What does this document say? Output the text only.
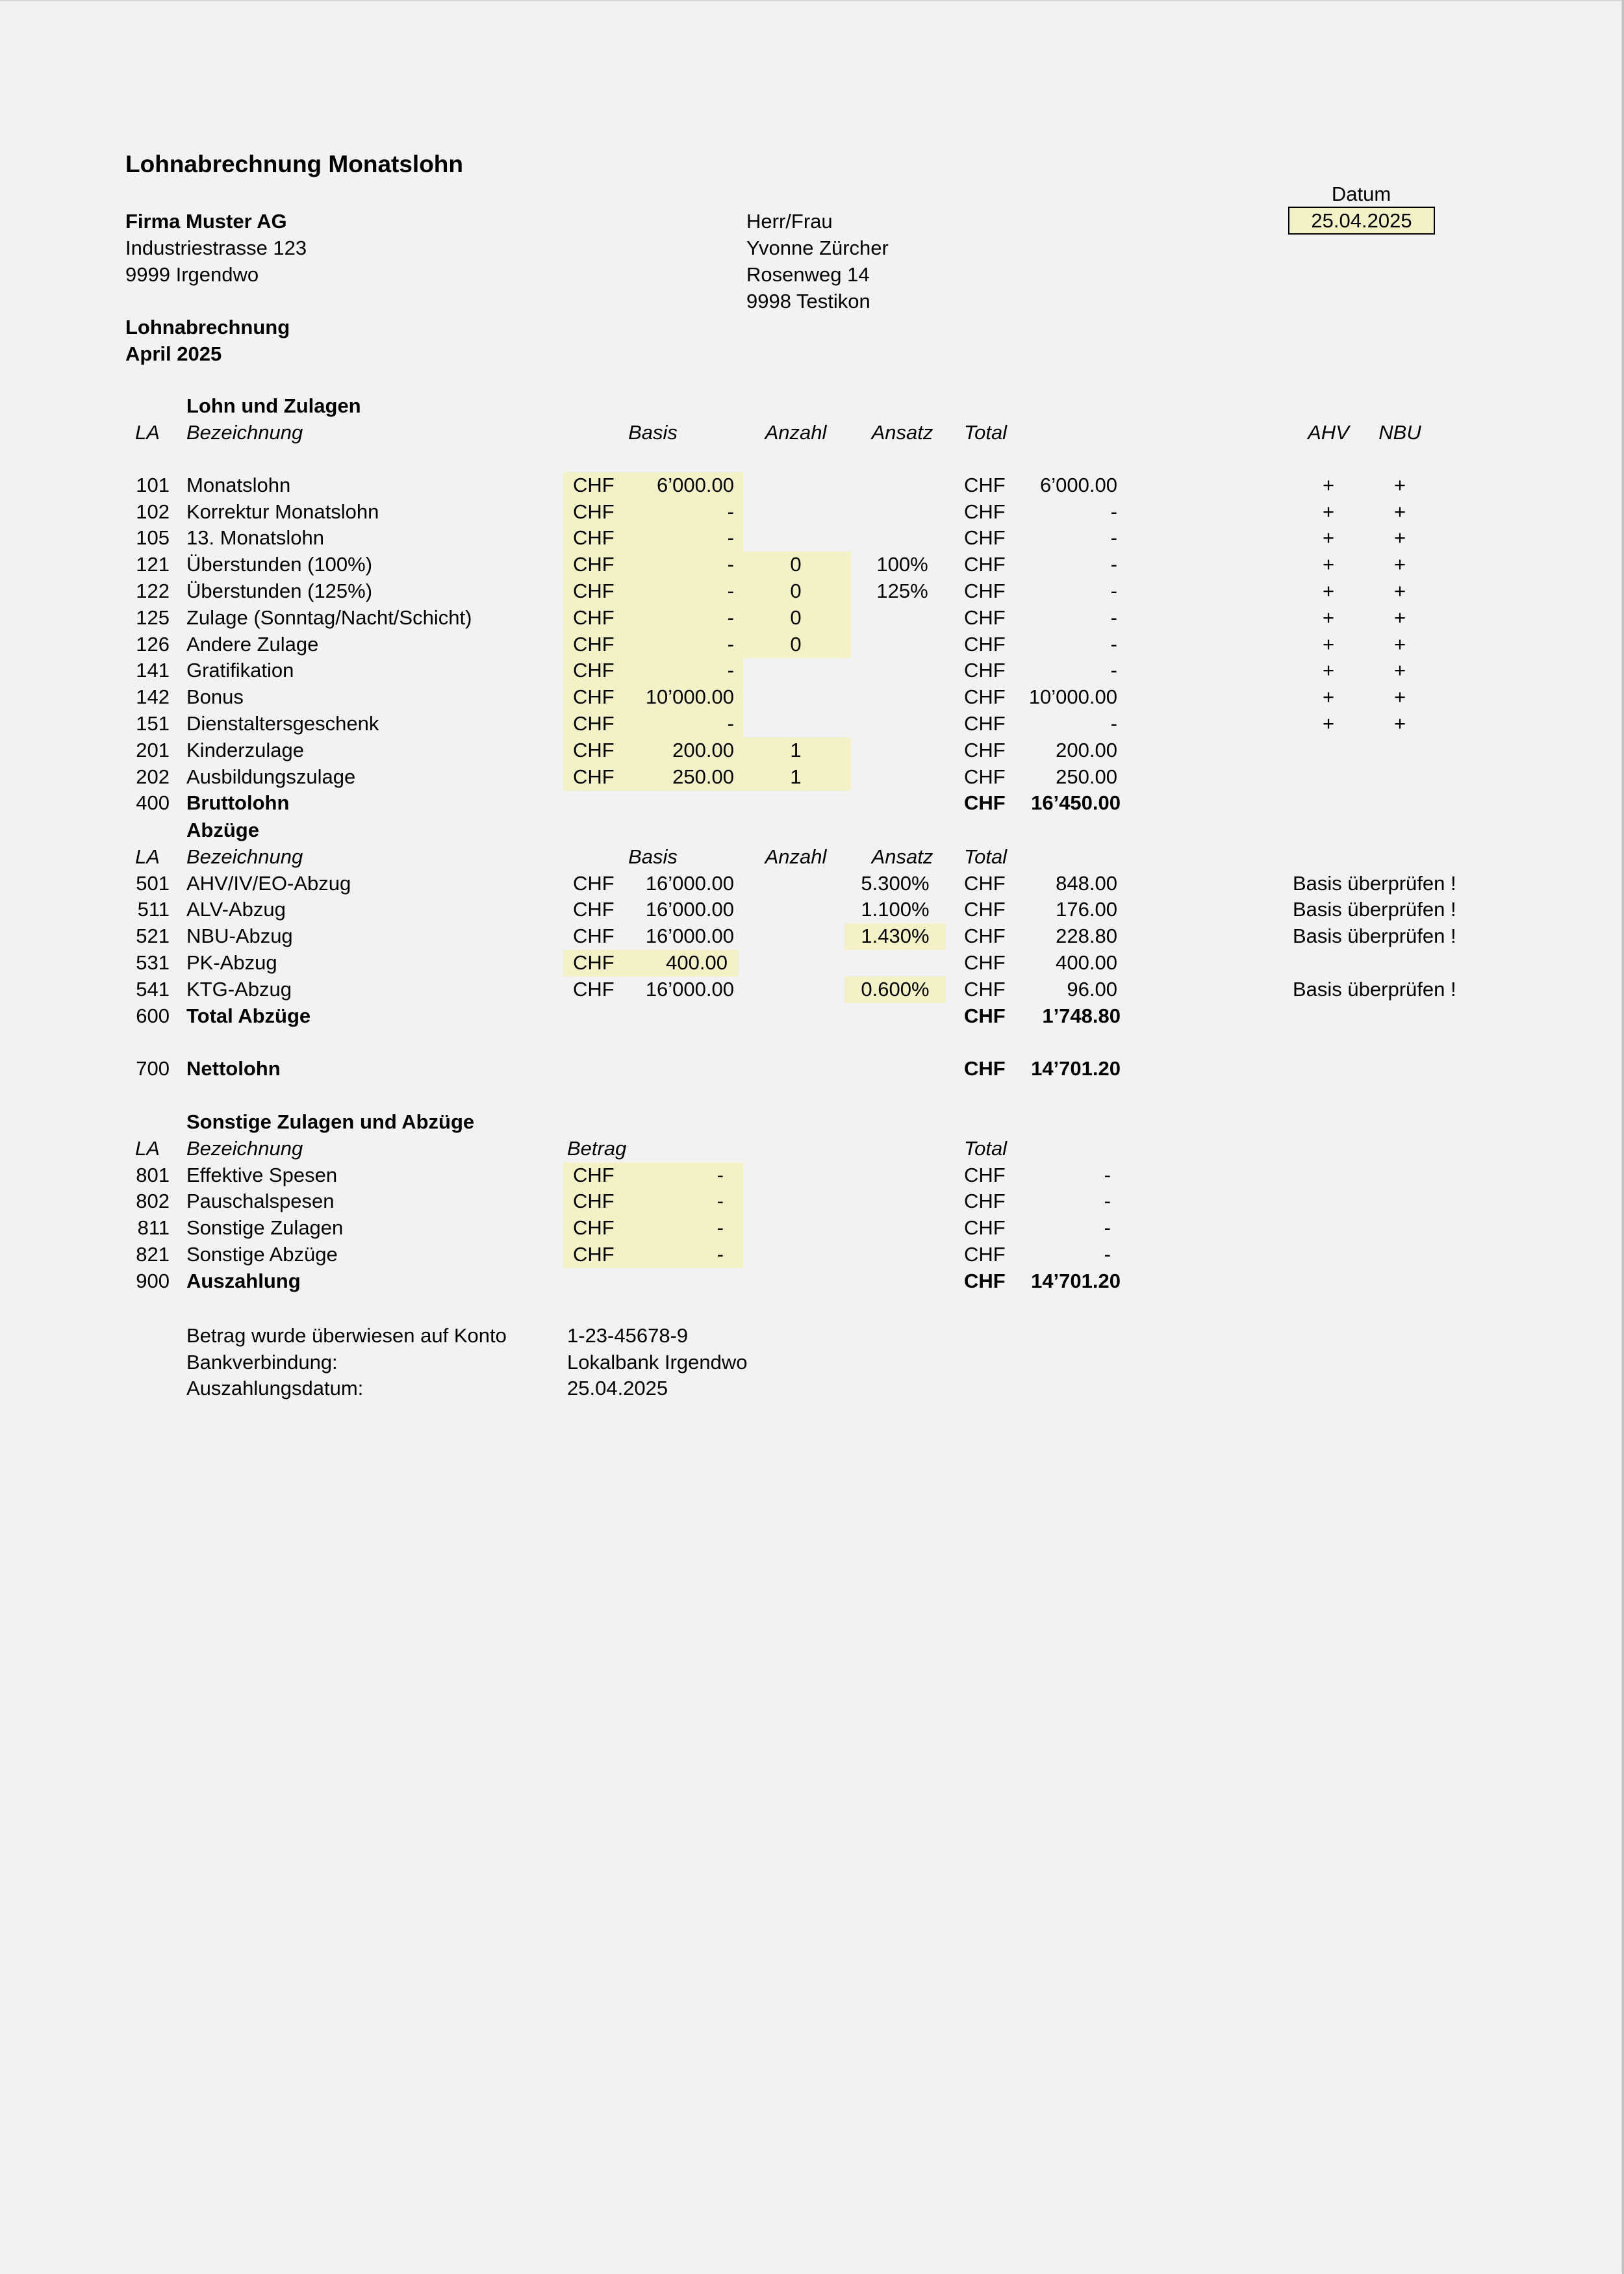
Lohnabrechnung Monatslohn
Datum
25.04.2025
Firma Muster AG
Industriestrasse 123
9999 Irgendwo
Herr/Frau
Yvonne Zürcher
Rosenweg 14
9998 Testikon
Lohnabrechnung
April 2025
Lohn und Zulagen
LA	Bezeichnung	Basis	Anzahl	Ansatz	Total	AHV	NBU
101 Monatslohn	CHF	6’000.00	CHF	6’000.00	+	+
102 Korrektur Monatslohn	CHF	-	CHF	-	+	+
105 13. Monatslohn	CHF	-	CHF	-	+	+
121 Überstunden (100%)	CHF	-	0	100%	CHF	-	+	+
122 Überstunden (125%)	CHF	-	0	125%	CHF	-	+	+
125 Zulage (Sonntag/Nacht/Schicht)	CHF	-	0	CHF	-	+	+
126 Andere Zulage	CHF	-	0	CHF	-	+	+
141 Gratifikation	CHF	-	CHF	-	+	+
142 Bonus	CHF	10’000.00	CHF	10’000.00	+	+
151 Dienstaltersgeschenk	CHF	-	CHF	-	+	+
201 Kinderzulage	CHF	200.00	1	CHF	200.00
202 Ausbildungszulage	CHF	250.00	1	CHF	250.00
400 Bruttolohn	CHF	16’450.00
Abzüge
LA	Bezeichnung	Basis	Anzahl	Ansatz	Total
501 AHV/IV/EO-Abzug	CHF	16’000.00	5.300%	CHF	848.00	Basis überprüfen !
511 ALV-Abzug	CHF	16’000.00	1.100%	CHF	176.00	Basis überprüfen !
521 NBU-Abzug	CHF	16’000.00	1.430%	CHF	228.80	Basis überprüfen !
531 PK-Abzug	CHF	400.00	CHF	400.00
541 KTG-Abzug	CHF	16’000.00	0.600%	CHF	96.00	Basis überprüfen !
600 Total Abzüge	CHF	1’748.80
700 Nettolohn	CHF	14’701.20
Sonstige Zulagen und Abzüge
LA	Bezeichnung	Betrag	Total
801 Effektive Spesen	CHF	-	CHF	-
802 Pauschalspesen	CHF	-	CHF	-
811 Sonstige Zulagen	CHF	-	CHF	-
821 Sonstige Abzüge	CHF	-	CHF	-
900 Auszahlung	CHF	14’701.20
Betrag wurde überwiesen auf Konto	1-23-45678-9
Bankverbindung:	Lokalbank Irgendwo
Auszahlungsdatum:	25.04.2025
